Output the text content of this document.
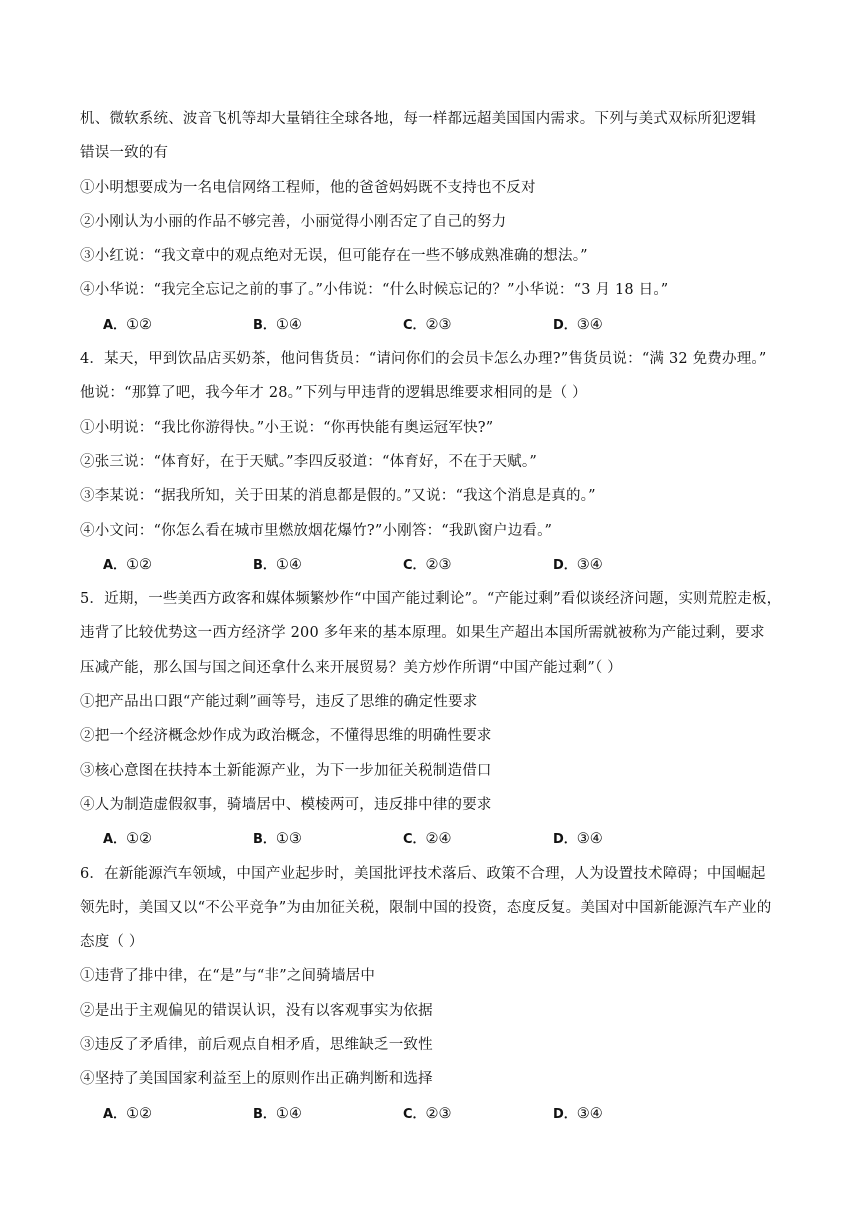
机、微软系统、波音飞机等却大量销往全球各地，每一样都远超美国国内需求。下列与美式双标所犯逻辑
错误一致的有
①小明想要成为一名电信网络工程师，他的爸爸妈妈既不支持也不反对
②小刚认为小丽的作品不够完善，小丽觉得小刚否定了自己的努力
③小红说：“我文章中的观点绝对无误，但可能存在一些不够成熟准确的想法。”
④小华说：“我完全忘记之前的事了。”小伟说：“什么时候忘记的？”小华说：“3 月 18 日。”
A．①②	B．①④	C．②③	D．③④
4．某天，甲到饮品店买奶茶，他问售货员：“请问你们的会员卡怎么办理?”售货员说：“满 32 免费办理。”
他说：“那算了吧，我今年才 28。”下列与甲违背的逻辑思维要求相同的是（ ）
①小明说：“我比你游得快。”小王说：“你再快能有奥运冠军快?”
②张三说：“体育好，在于天赋。”李四反驳道：“体育好，不在于天赋。”
③李某说：“据我所知，关于田某的消息都是假的。”又说：“我这个消息是真的。”
④小文问：“你怎么看在城市里燃放烟花爆竹?”小刚答：“我趴窗户边看。”
A．①②	B．①④	C．②③	D．③④
5．近期，一些美西方政客和媒体频繁炒作“中国产能过剩论”。“产能过剩”看似谈经济问题，实则荒腔走板，
违背了比较优势这一西方经济学 200 多年来的基本原理。如果生产超出本国所需就被称为产能过剩，要求
压减产能，那么国与国之间还拿什么来开展贸易？美方炒作所谓“中国产能过剩”（ ）
①把产品出口跟“产能过剩”画等号，违反了思维的确定性要求
②把一个经济概念炒作成为政治概念，不懂得思维的明确性要求
③核心意图在扶持本土新能源产业，为下一步加征关税制造借口
④人为制造虚假叙事，骑墙居中、模棱两可，违反排中律的要求
A．①②	B．①③	C．②④	D．③④
6．在新能源汽车领域，中国产业起步时，美国批评技术落后、政策不合理，人为设置技术障碍；中国崛起
领先时，美国又以“不公平竞争”为由加征关税，限制中国的投资，态度反复。美国对中国新能源汽车产业的
态度（ ）
①违背了排中律，在“是”与“非”之间骑墙居中
②是出于主观偏见的错误认识，没有以客观事实为依据
③违反了矛盾律，前后观点自相矛盾，思维缺乏一致性
④坚持了美国国家利益至上的原则作出正确判断和选择
A．①②	B．①④	C．②③	D．③④
